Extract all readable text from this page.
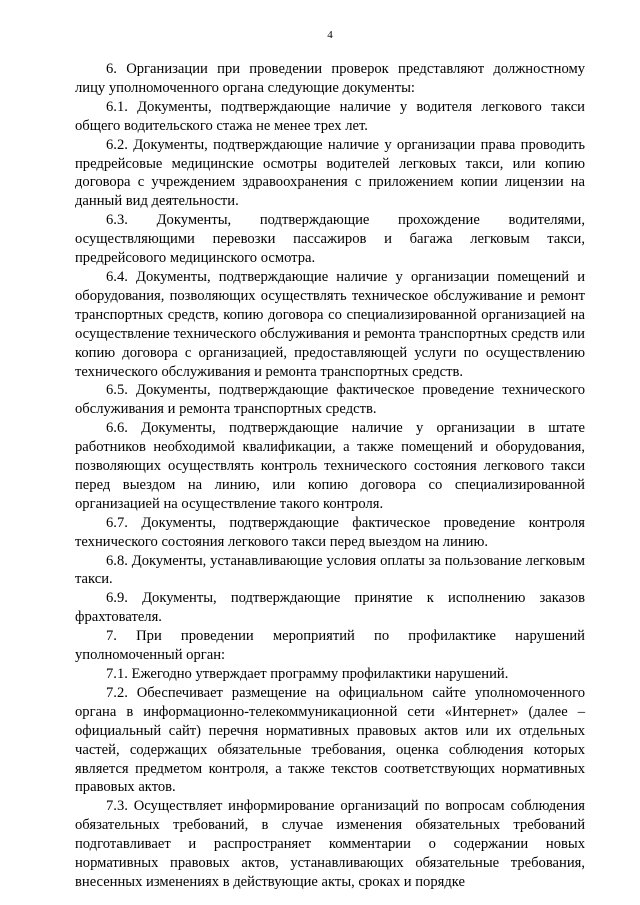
4

6. Организации при проведении проверок представляют должностному лицу уполномоченного органа следующие документы:

6.1. Документы, подтверждающие наличие у водителя легкового такси общего водительского стажа не менее трех лет.

6.2. Документы, подтверждающие наличие у организации права проводить предрейсовые медицинские осмотры водителей легковых такси, или копию договора с учреждением здравоохранения с приложением копии лицензии на данный вид деятельности.

6.3. Документы, подтверждающие прохождение водителями, осуществляющими перевозки пассажиров и багажа легковым такси, предрейсового медицинского осмотра.

6.4. Документы, подтверждающие наличие у организации помещений и оборудования, позволяющих осуществлять техническое обслуживание и ремонт транспортных средств, копию договора со специализированной организацией на осуществление технического обслуживания и ремонта транспортных средств или копию договора с организацией, предоставляющей услуги по осуществлению технического обслуживания и ремонта транспортных средств.

6.5. Документы, подтверждающие фактическое проведение технического обслуживания и ремонта транспортных средств.

6.6. Документы, подтверждающие наличие у организации в штате работников необходимой квалификации, а также помещений и оборудования, позволяющих осуществлять контроль технического состояния легкового такси перед выездом на линию, или копию договора со специализированной организацией на осуществление такого контроля.

6.7. Документы, подтверждающие фактическое проведение контроля технического состояния легкового такси перед выездом на линию.

6.8. Документы, устанавливающие условия оплаты за пользование легковым такси.

6.9. Документы, подтверждающие принятие к исполнению заказов фрахтователя.

7. При проведении мероприятий по профилактике нарушений уполномоченный орган:

7.1. Ежегодно утверждает программу профилактики нарушений.

7.2. Обеспечивает размещение на официальном сайте уполномоченного органа в информационно-телекоммуникационной сети «Интернет» (далее – официальный сайт) перечня нормативных правовых актов или их отдельных частей, содержащих обязательные требования, оценка соблюдения которых является предметом контроля, а также текстов соответствующих нормативных правовых актов.

7.3. Осуществляет информирование организаций по вопросам соблюдения обязательных требований, в случае изменения обязательных требований подготавливает и распространяет комментарии о содержании новых нормативных правовых актов, устанавливающих обязательные требования, внесенных изменениях в действующие акты, сроках и порядке
